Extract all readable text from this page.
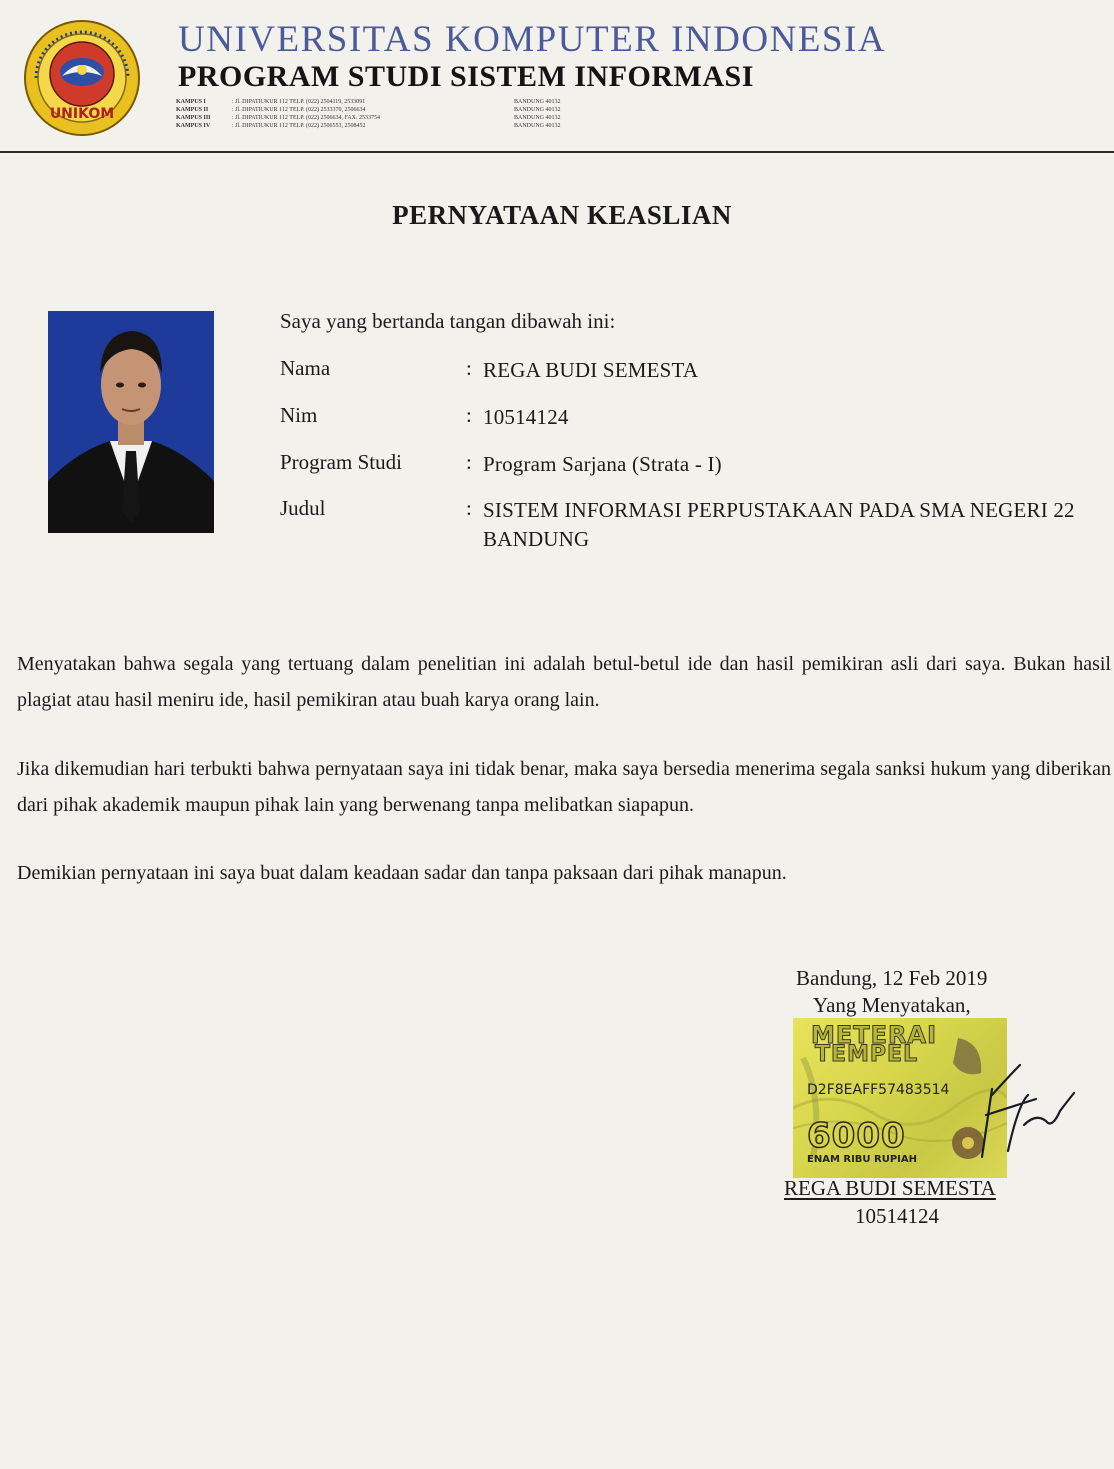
UNIKOM
UNIVERSITAS KOMPUTER INDONESIA
PROGRAM STUDI SISTEM INFORMASI
KAMPUS I	: Jl. DIPATIUKUR 112 TELP. (022) 2504119, 2533091	BANDUNG 40132
KAMPUS II	: Jl. DIPATIUKUR 112 TELP. (022) 2533370, 2506634	BANDUNG 40132
KAMPUS III	: Jl. DIPATIUKUR 112 TELP. (022) 2506634, FAX. 2533754	BANDUNG 40132
KAMPUS IV	: Jl. DIPATIUKUR 112 TELP. (022) 2506553, 2508452	BANDUNG 40132
PERNYATAAN KEASLIAN
Saya yang bertanda tangan dibawah ini:
Nama	: REGA BUDI SEMESTA
Nim	: 10514124
Program Studi	: Program Sarjana (Strata - I)
Judul	: SISTEM INFORMASI PERPUSTAKAAN PADA SMA NEGERI 22 BANDUNG

Menyatakan bahwa segala yang tertuang dalam penelitian ini adalah betul-betul ide dan hasil pemikiran asli dari saya. Bukan hasil plagiat atau hasil meniru ide, hasil pemikiran atau buah karya orang lain.

Jika dikemudian hari terbukti bahwa pernyataan saya ini tidak benar, maka saya bersedia menerima segala sanksi hukum yang diberikan dari pihak akademik maupun pihak lain yang berwenang tanpa melibatkan siapapun.

Demikian pernyataan ini saya buat dalam keadaan sadar dan tanpa paksaan dari pihak manapun.

Bandung, 12 Feb 2019
Yang Menyatakan,
METERAI
TEMPEL
D2F8EAFF57483514
6000
ENAM RIBU RUPIAH
REGA BUDI SEMESTA
10514124
